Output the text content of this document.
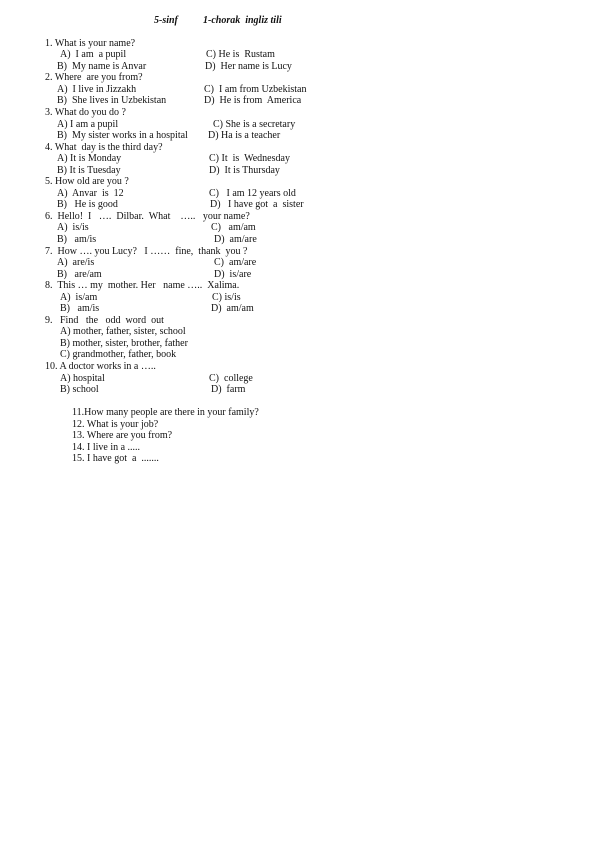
5-sinf	1-chorak  ingliz tili
1. What is your name?
A)  I am  a pupil	C) He is  Rustam
B)  My name is Anvar	D)  Her name is Lucy
2. Where  are you from?
A)  I live in Jizzakh	C)  I am from Uzbekistan
B)  She lives in Uzbekistan	D)  He is from  America
3. What do you do ?
A) I am a pupil	C) She is a secretary
B)  My sister works in a hospital D) Ha is a teacher
4. What  day is the third day?
A) It is Monday	C) It  is  Wednesday
B) It is Tuesday	D)  It is Thursday
5. How old are you ?
A)  Anvar  is  12	C)   I am 12 years old
B)   He is good	D)   I have got  a  sister
6.  Hello!  I   ….  Dilbar.  What    …..   your name?
A)  is/is	C)   am/am
B)   am/is	D)  am/are
7.  How …. you Lucy?   I ……  fine,  thank  you ?
A)  are/is	C)  am/are
B)   are/am	D)  is/are
8.  This … my  mother. Her   name …..  Xalima.
A)  is/am	C) is/is
B)   am/is	D)  am/am
9.   Find   the   odd  word  out
A) mother, father, sister, school
B) mother, sister, brother, father
C) grandmother, father, book
10. A doctor works in a …..
A) hospital	C)  college
B) school	D)  farm
11.How many people are there in your family?
12. What is your job?
13. Where are you from?
14. I live in a .....
15. I have got  a  .......
